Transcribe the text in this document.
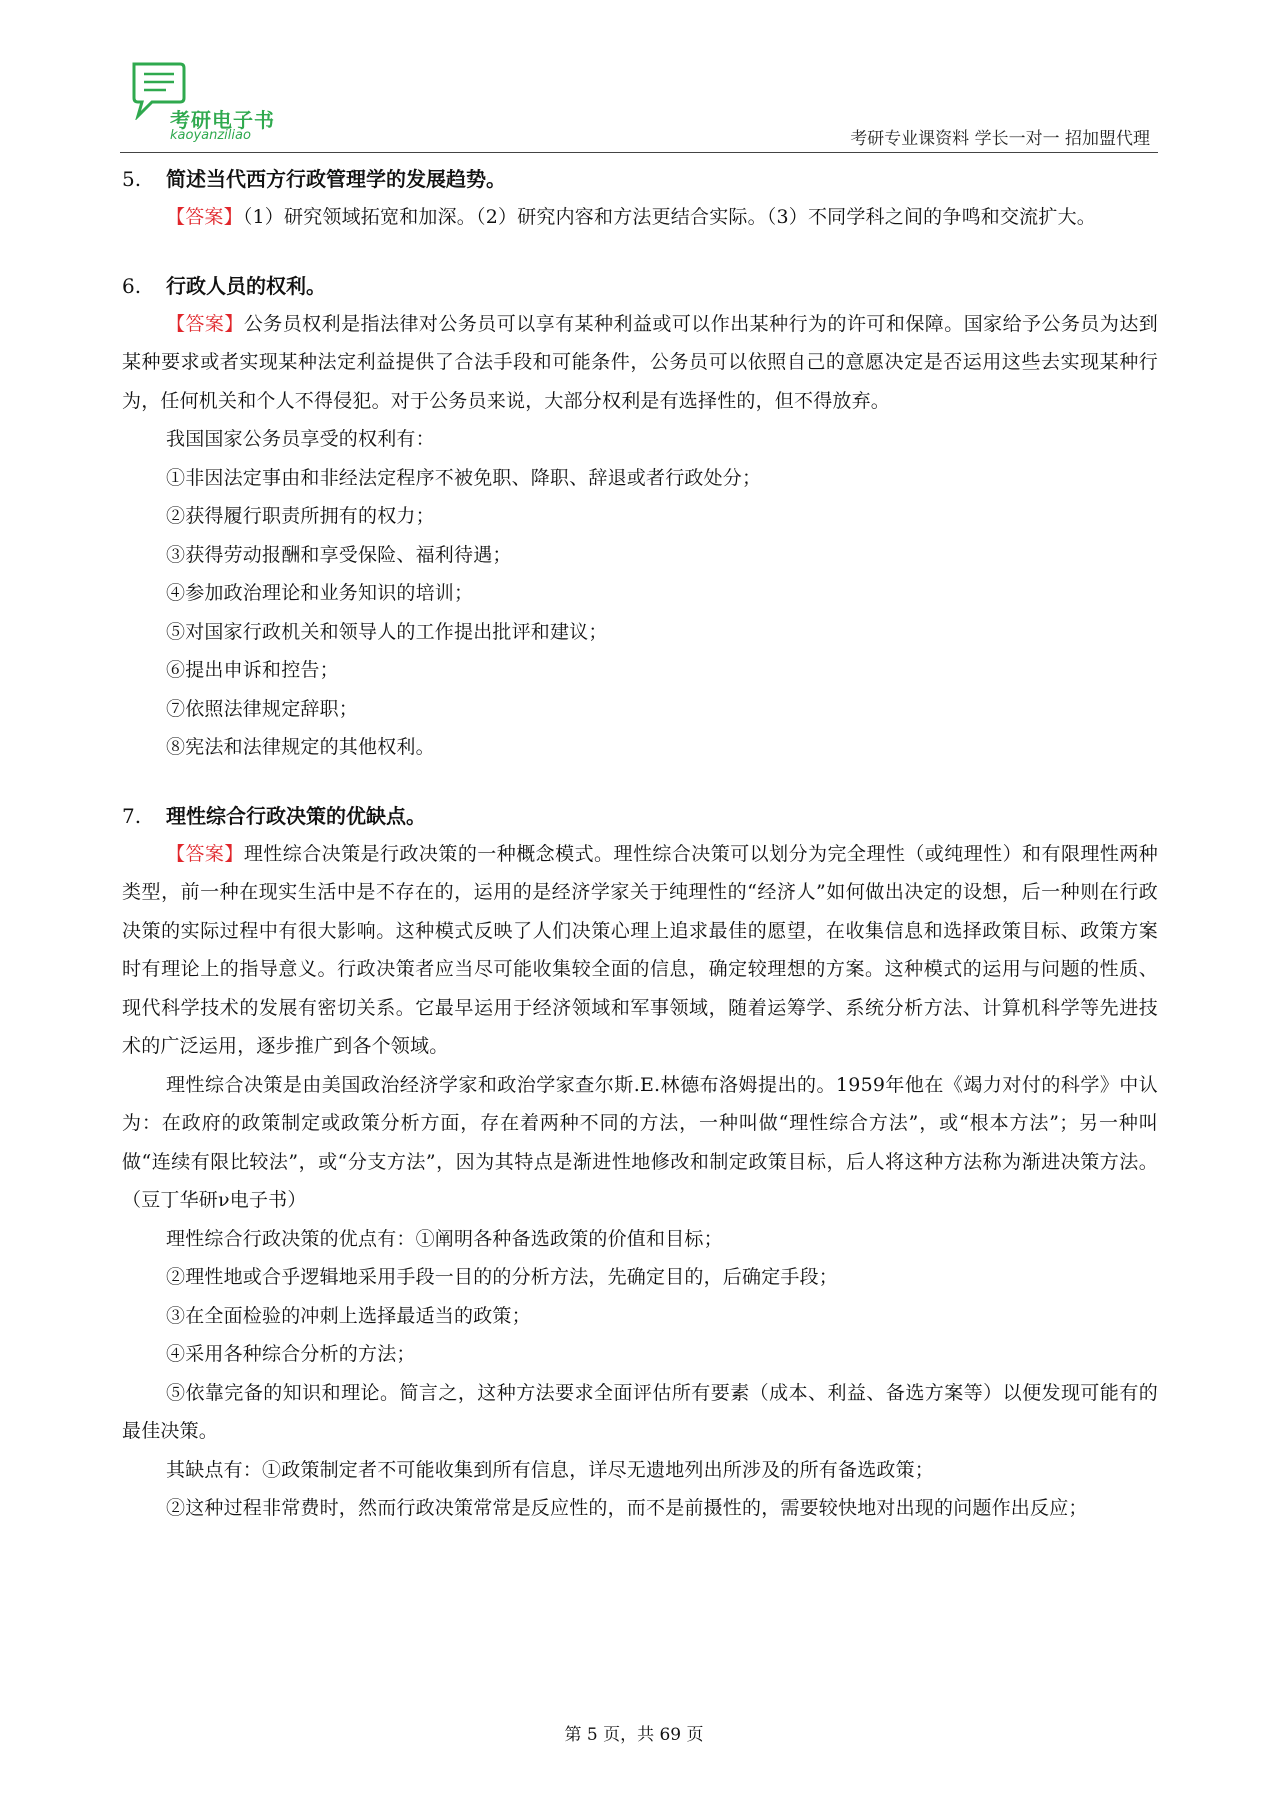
考研电子书
kaoyanziliao	考研专业课资料 学长一对一 招加盟代理

5. 简述当代西方行政管理学的发展趋势。

【答案】（1）研究领域拓宽和加深。（2）研究内容和方法更结合实际。（3）不同学科之间的争鸣和交流扩大。

6. 行政人员的权利。

【答案】公务员权利是指法律对公务员可以享有某种利益或可以作出某种行为的许可和保障。国家给予公务员为达到某种要求或者实现某种法定利益提供了合法手段和可能条件，公务员可以依照自己的意愿决定是否运用这些去实现某种行为，任何机关和个人不得侵犯。对于公务员来说，大部分权利是有选择性的，但不得放弃。

我国国家公务员享受的权利有：

①非因法定事由和非经法定程序不被免职、降职、辞退或者行政处分；

②获得履行职责所拥有的权力；

③获得劳动报酬和享受保险、福利待遇；

④参加政治理论和业务知识的培训；

⑤对国家行政机关和领导人的工作提出批评和建议；

⑥提出申诉和控告；

⑦依照法律规定辞职；

⑧宪法和法律规定的其他权利。

7. 理性综合行政决策的优缺点。

【答案】理性综合决策是行政决策的一种概念模式。理性综合决策可以划分为完全理性（或纯理性）和有限理性两种类型，前一种在现实生活中是不存在的，运用的是经济学家关于纯理性的“经济人”如何做出决定的设想，后一种则在行政决策的实际过程中有很大影响。这种模式反映了人们决策心理上追求最佳的愿望，在收集信息和选择政策目标、政策方案时有理论上的指导意义。行政决策者应当尽可能收集较全面的信息，确定较理想的方案。这种模式的运用与问题的性质、现代科学技术的发展有密切关系。它最早运用于经济领域和军事领域，随着运筹学、系统分析方法、计算机科学等先进技术的广泛运用，逐步推广到各个领域。

理性综合决策是由美国政治经济学家和政治学家查尔斯.E.林德布洛姆提出的。1959年他在《竭力对付的科学》中认为：在政府的政策制定或政策分析方面，存在着两种不同的方法，一种叫做“理性综合方法”，或“根本方法”；另一种叫做“连续有限比较法”，或“分支方法”，因为其特点是渐进性地修改和制定政策目标，后人将这种方法称为渐进决策方法。（豆丁华研ν电子书）

理性综合行政决策的优点有：①阐明各种备选政策的价值和目标；

②理性地或合乎逻辑地采用手段一目的的分析方法，先确定目的，后确定手段；

③在全面检验的冲刺上选择最适当的政策；

④采用各种综合分析的方法；

⑤依靠完备的知识和理论。简言之，这种方法要求全面评估所有要素（成本、利益、备选方案等）以便发现可能有的最佳决策。

其缺点有：①政策制定者不可能收集到所有信息，详尽无遗地列出所涉及的所有备选政策；

②这种过程非常费时，然而行政决策常常是反应性的，而不是前摄性的，需要较快地对出现的问题作出反应；

第 5 页，共 69 页
